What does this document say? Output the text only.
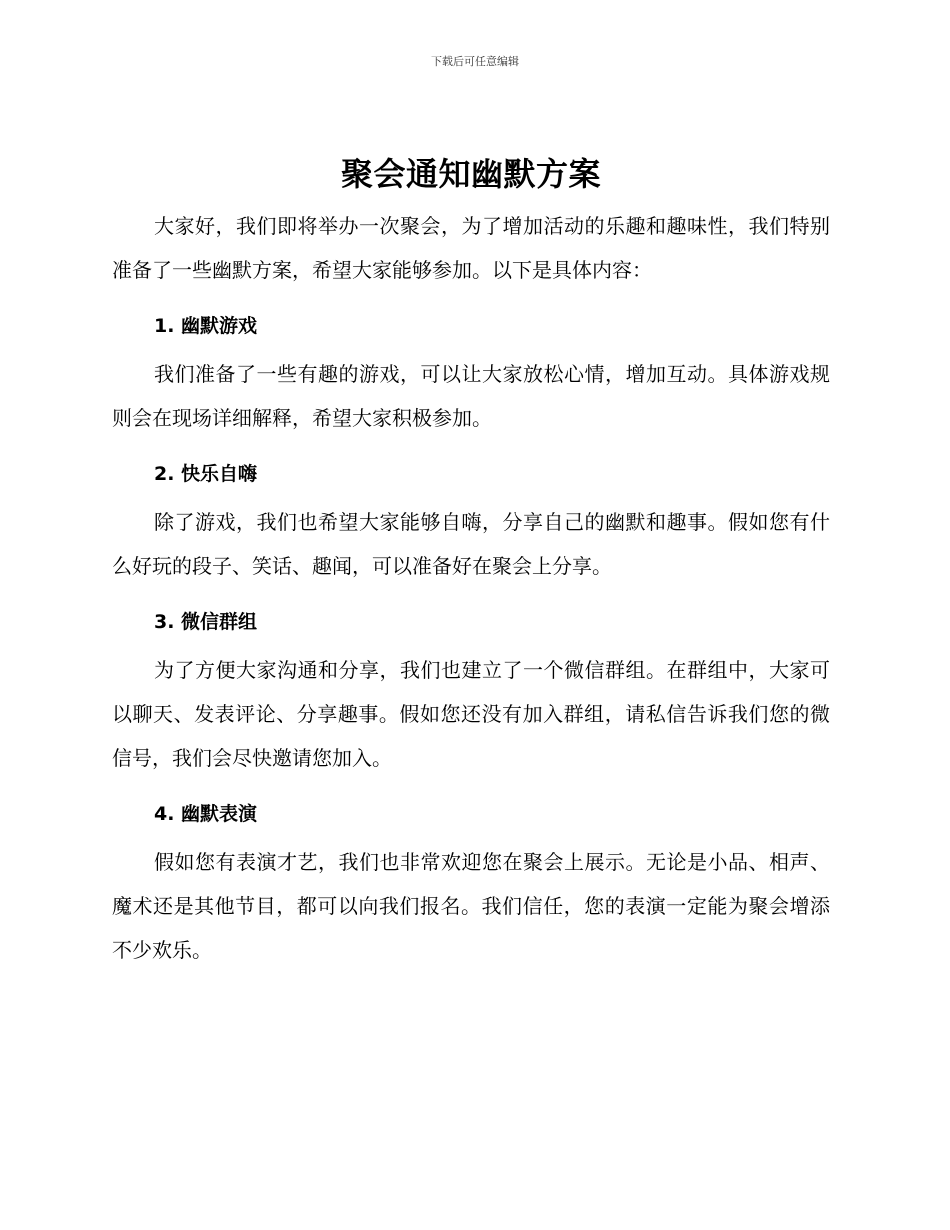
下载后可任意编辑
聚会通知幽默方案

大家好，我们即将举办一次聚会，为了增加活动的乐趣和趣味性，我们特别准备了一些幽默方案，希望大家能够参加。以下是具体内容：

1. 幽默游戏

我们准备了一些有趣的游戏，可以让大家放松心情，增加互动。具体游戏规则会在现场详细解释，希望大家积极参加。

2. 快乐自嗨

除了游戏，我们也希望大家能够自嗨，分享自己的幽默和趣事。假如您有什么好玩的段子、笑话、趣闻，可以准备好在聚会上分享。

3. 微信群组

为了方便大家沟通和分享，我们也建立了一个微信群组。在群组中，大家可以聊天、发表评论、分享趣事。假如您还没有加入群组，请私信告诉我们您的微信号，我们会尽快邀请您加入。

4. 幽默表演

假如您有表演才艺，我们也非常欢迎您在聚会上展示。无论是小品、相声、魔术还是其他节目，都可以向我们报名。我们信任，您的表演一定能为聚会增添不少欢乐。
